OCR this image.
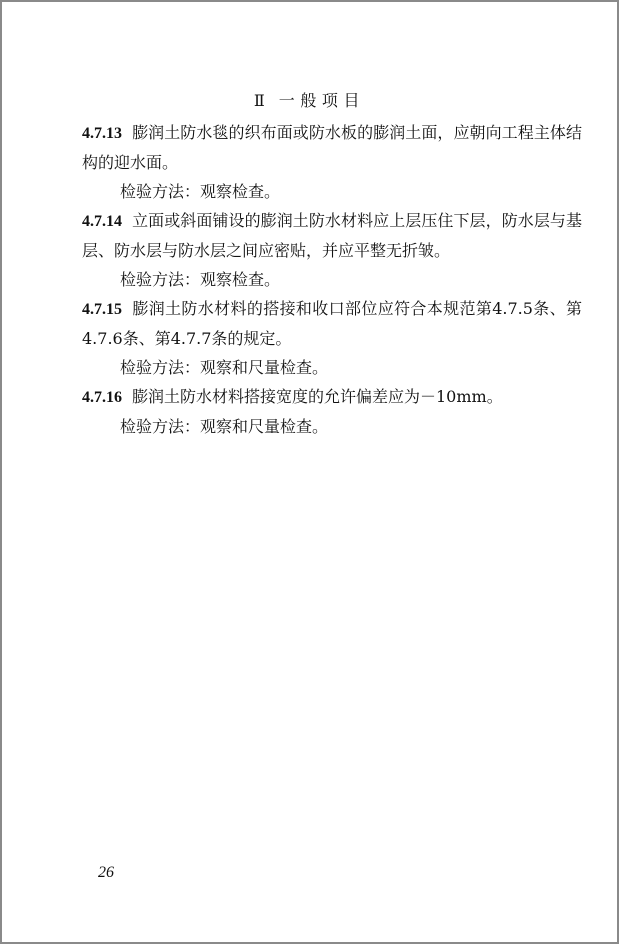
Ⅱ 一般项目

4.7.13 膨润土防水毯的织布面或防水板的膨润土面，应朝向工程主体结构的迎水面。

检验方法：观察检查。

4.7.14 立面或斜面铺设的膨润土防水材料应上层压住下层，防水层与基层、防水层与防水层之间应密贴，并应平整无折皱。

检验方法：观察检查。

4.7.15 膨润土防水材料的搭接和收口部位应符合本规范第4.7.5条、第4.7.6条、第4.7.7条的规定。

检验方法：观察和尺量检查。

4.7.16 膨润土防水材料搭接宽度的允许偏差应为－10mm。

检验方法：观察和尺量检查。

26
